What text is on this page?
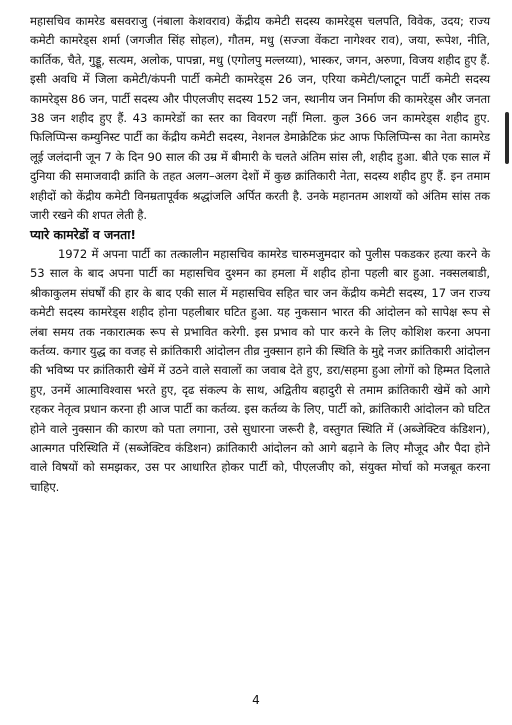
महासचिव कामरेड बसवराजु (नंबाला केशवराव) केंद्रीय कमेटी सदस्य कामरेड्स चलपति, विवेक, उदय; राज्य कमेटी कामरेड्स शर्मा (जगजीत सिंह सोहल), गौतम, मधु (सज्जा वेंकटा नागेश्वर राव), जया, रूपेश, नीति, कार्तिक, चैते, गुड्डू, सत्यम, अलोक, पापन्ना, मधु (एगोलपु मल्लय्या), भास्कर, जगन, अरुणा, विजय शहीद हुए हैं. इसी अवधि में जिला कमेटी/कंपनी पार्टी कमेटी कामरेड्स 26 जन, एरिया कमेटी/प्लाटून पार्टी कमेटी सदस्य कामरेड्स 86 जन, पार्टी सदस्य और पीएलजीए सदस्य 152 जन, स्थानीय जन निर्माण की कामरेड्स और जनता 38 जन शहीद हुए हैं. 43 कामरेडों का स्तर का विवरण नहीं मिला. कुल 366 जन कामरेड्स शहीद हुए. फिलिप्पिन्स कम्युनिस्ट पार्टी का केंद्रीय कमेटी सदस्य, नेशनल डेमाक्रेटिक फ्रंट आफ फिलिप्पिन्स का नेता कामरेड लूई जलंदानी जून 7 के दिन 90 साल की उम्र में बीमारी के चलते अंतिम सांस ली, शहीद हुआ. बीते एक साल में दुनिया की समाजवादी क्रांति के तहत अलग–अलग देशों में कुछ क्रांतिकारी नेता, सदस्य शहीद हुए हैं. इन तमाम शहीदों को केंद्रीय कमेटी विनम्रतापूर्वक श्रद्धांजलि अर्पित करती है. उनके महानतम आशयों को अंतिम सांस तक जारी रखने की शपत लेती है.

प्यारे कामरेडों व जनता!

1972 में अपना पार्टी का तत्कालीन महासचिव कामरेड चारुमजुमदार को पुलीस पकडकर हत्या करने के 53 साल के बाद अपना पार्टी का महासचिव दुश्मन का हमला में शहीद होना पहली बार हुआ. नक्सलबाडी, श्रीकाकुलम संघर्षों की हार के बाद एकी साल में महासचिव सहित चार जन केंद्रीय कमेटी सदस्य, 17 जन राज्य कमेटी सदस्य कामरेड्स शहीद होना पहलीबार घटित हुआ. यह नुकसान भारत की आंदोलन को सापेक्ष रूप से लंबा समय तक नकारात्मक रूप से प्रभावित करेगी. इस प्रभाव को पार करने के लिए कोशिश करना अपना कर्तव्य. कगार युद्ध का वजह से क्रांतिकारी आंदोलन तीव्र नुक्सान हाने की स्थिति के मुद्दे नजर क्रांतिकारी आंदोलन की भविष्य पर क्रांतिकारी खेमें में उठने वाले सवालों का जवाब देते हुए, डरा/सहमा हुआ लोगों को हिम्मत दिलाते हुए, उनमें आत्माविश्वास भरते हुए, दृढ संकल्प के साथ, अद्वितीय बहादुरी से तमाम क्रांतिकारी खेमें को आगे रहकर नेतृत्व प्रधान करना ही आज पार्टी का कर्तव्य. इस कर्तव्य के लिए, पार्टी को, क्रांतिकारी आंदोलन को घटित होने वाले नुक्सान की कारण को पता लगाना, उसे सुधारना जरूरी है, वस्तुगत स्थिति में (अब्जेक्टिव कंडिशन), आत्मगत परिस्थिति में (सब्जेक्टिव कंडिशन) क्रांतिकारी आंदोलन को आगे बढ़ाने के लिए मौजूद और पैदा होने वाले विषयों को समझकर, उस पर आधारित होकर पार्टी को, पीएलजीए को, संयुक्त मोर्चा को मजबूत करना चाहिए.

4
